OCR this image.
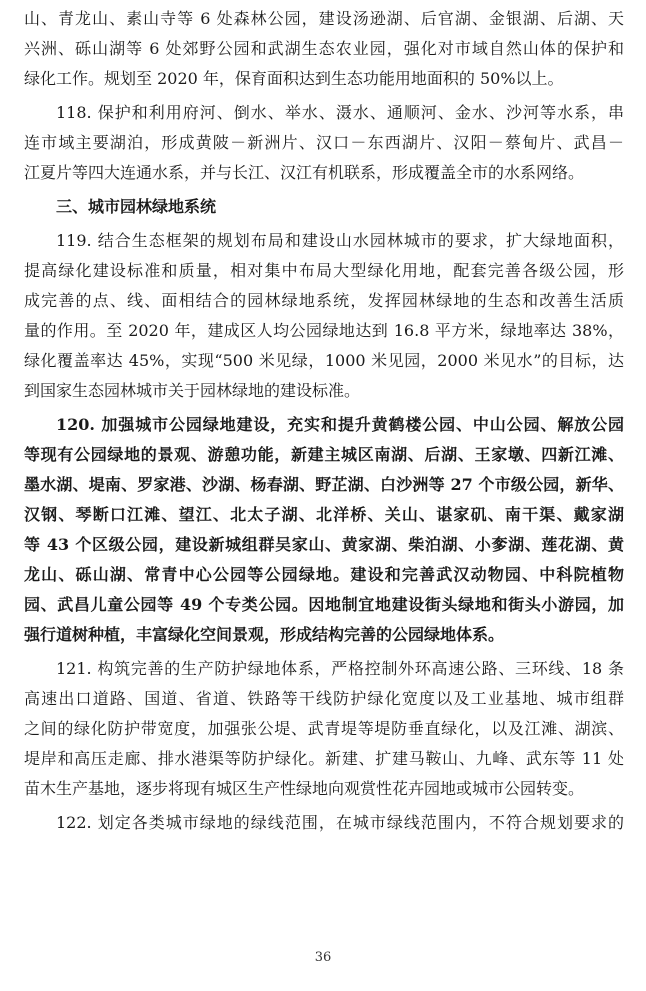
山、青龙山、素山寺等 6 处森林公园，建设汤逊湖、后官湖、金银湖、后湖、天
兴洲、砾山湖等 6 处郊野公园和武湖生态农业园，强化对市域自然山体的保护和
绿化工作。规划至 2020 年，保育面积达到生态功能用地面积的 50%以上。
118. 保护和利用府河、倒水、举水、滠水、通顺河、金水、沙河等水系，串
连市域主要湖泊，形成黄陂－新洲片、汉口－东西湖片、汉阳－蔡甸片、武昌－
江夏片等四大连通水系，并与长江、汉江有机联系，形成覆盖全市的水系网络。
三、城市园林绿地系统
119. 结合生态框架的规划布局和建设山水园林城市的要求，扩大绿地面积，
提高绿化建设标准和质量，相对集中布局大型绿化用地，配套完善各级公园，形
成完善的点、线、面相结合的园林绿地系统，发挥园林绿地的生态和改善生活质
量的作用。至 2020 年，建成区人均公园绿地达到 16.8 平方米，绿地率达 38%，
绿化覆盖率达 45%，实现“500 米见绿，1000 米见园，2000 米见水”的目标，达
到国家生态园林城市关于园林绿地的建设标准。
120. 加强城市公园绿地建设，充实和提升黄鹤楼公园、中山公园、解放公园
等现有公园绿地的景观、游憩功能，新建主城区南湖、后湖、王家墩、四新江滩、
墨水湖、堤南、罗家港、沙湖、杨春湖、野芷湖、白沙洲等 27 个市级公园，新华、
汉钢、琴断口江滩、望江、北太子湖、北洋桥、关山、谌家矶、南干渠、戴家湖
等 43 个区级公园，建设新城组群吴家山、黄家湖、柴泊湖、小奓湖、莲花湖、黄
龙山、砾山湖、常青中心公园等公园绿地。建设和完善武汉动物园、中科院植物
园、武昌儿童公园等 49 个专类公园。因地制宜地建设街头绿地和街头小游园，加
强行道树种植，丰富绿化空间景观，形成结构完善的公园绿地体系。
121. 构筑完善的生产防护绿地体系，严格控制外环高速公路、三环线、18 条
高速出口道路、国道、省道、铁路等干线防护绿化宽度以及工业基地、城市组群
之间的绿化防护带宽度，加强张公堤、武青堤等堤防垂直绿化，以及江滩、湖滨、
堤岸和高压走廊、排水港渠等防护绿化。新建、扩建马鞍山、九峰、武东等 11 处
苗木生产基地，逐步将现有城区生产性绿地向观赏性花卉园地或城市公园转变。
122. 划定各类城市绿地的绿线范围，在城市绿线范围内，不符合规划要求的
36
